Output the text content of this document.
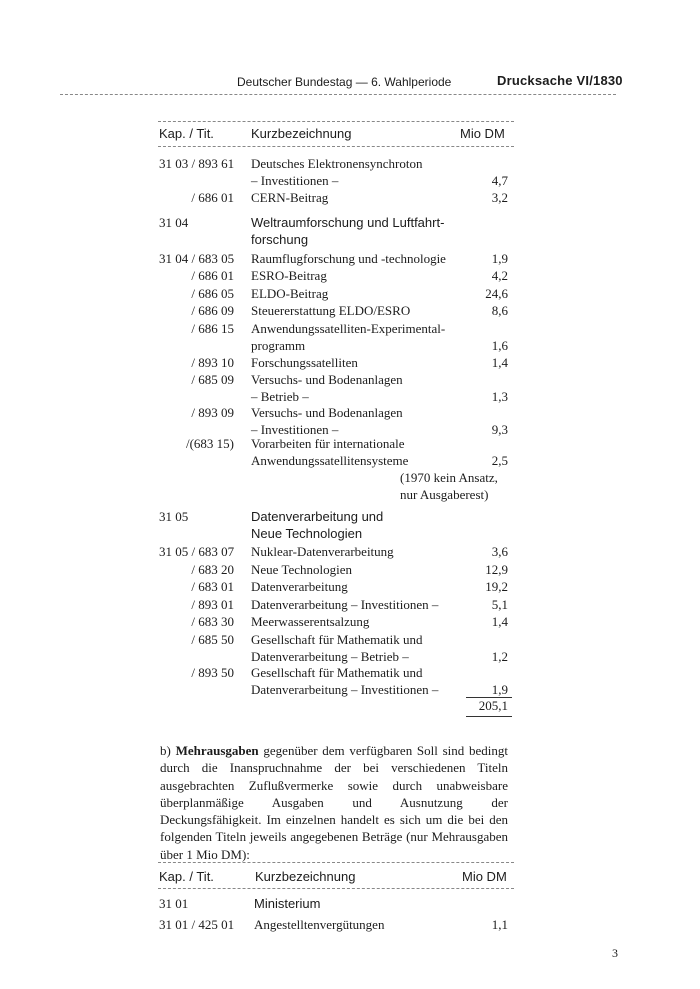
Deutscher Bundestag — 6. Wahlperiode	Drucksache VI/1830
Kap. / Tit.	Kurzbezeichnung	Mio DM
31 03 / 893 61	Deutsches Elektronensynchroton
– Investitionen –	4,7
/ 686 01 CERN-Beitrag	3,2
31 04	Weltraumforschung und Luftfahrt-
forschung
31 04 / 683 05	Raumflugforschung und -technologie	1,9
/ 686 01 ESRO-Beitrag	4,2
/ 686 05 ELDO-Beitrag	24,6
/ 686 09 Steuererstattung ELDO/ESRO	8,6
/ 686 15 Anwendungssatelliten-Experimental-
programm	1,6
/ 893 10 Forschungssatelliten	1,4
/ 685 09 Versuchs- und Bodenanlagen
– Betrieb –	1,3
/ 893 09 Versuchs- und Bodenanlagen
– Investitionen –	9,3
/(683 15) Vorarbeiten für internationale
Anwendungssatellitensysteme	2,5
(1970 kein Ansatz,
nur Ausgaberest)
31 05	Datenverarbeitung und
Neue Technologien
31 05 / 683 07	Nuklear-Datenverarbeitung	3,6
/ 683 20 Neue Technologien	12,9
/ 683 01 Datenverarbeitung	19,2
/ 893 01 Datenverarbeitung – Investitionen –	5,1
/ 683 30 Meerwasserentsalzung	1,4
/ 685 50 Gesellschaft für Mathematik und
Datenverarbeitung – Betrieb –	1,2
/ 893 50 Gesellschaft für Mathematik und
Datenverarbeitung – Investitionen –	1,9
205,1
b) Mehrausgaben gegenüber dem verfügbaren Soll sind bedingt durch die Inanspruchnahme der bei verschiedenen Titeln ausgebrachten Zuflußvermerke sowie durch unabweisbare überplanmäßige Ausgaben und Ausnutzung der Deckungsfähigkeit. Im einzelnen handelt es sich um die bei den folgenden Titeln jeweils angegebenen Beträge (nur Mehrausgaben über 1 Mio DM):
Kap. / Tit.	Kurzbezeichnung	Mio DM
31 01	Ministerium
31 01 / 425 01	Angestelltenvergütungen	1,1
3
